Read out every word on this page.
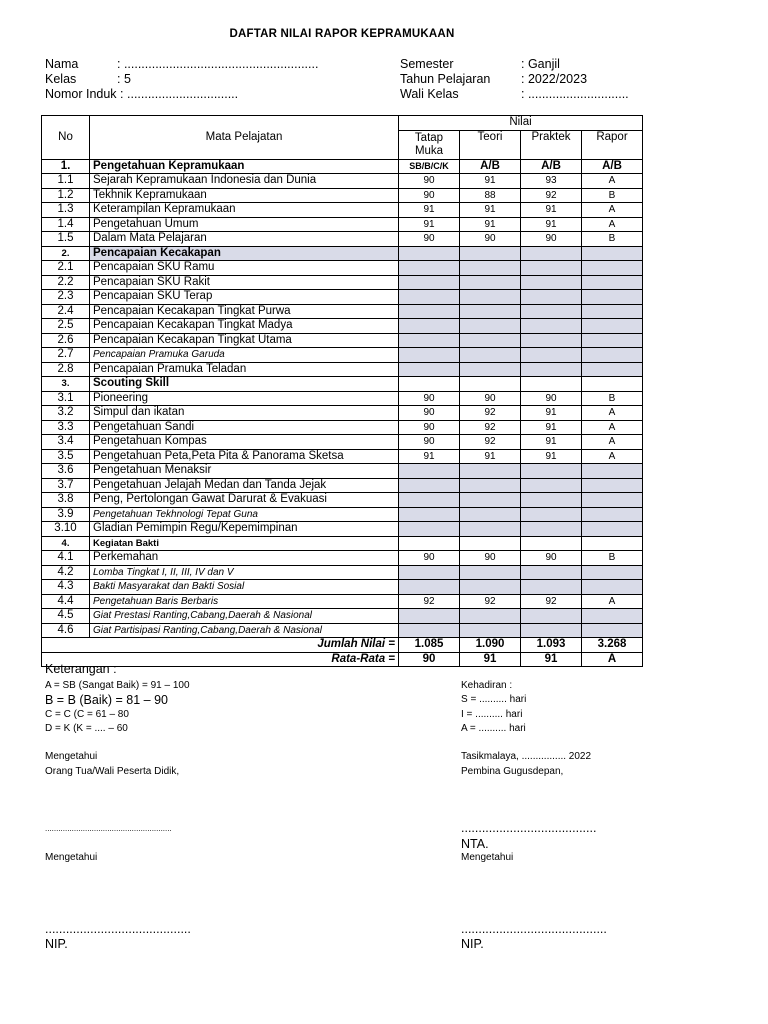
DAFTAR NILAI RAPOR KEPRAMUKAAN
Nama	: ........................................................
Kelas	: 5
Nomor Induk : ................................
Semester	: Ganjil
Tahun Pelajaran : 2022/2023
Wali Kelas	: .............................
No	Mata Pelajatan	Nilai			
		Tatap Muka	Teori	Praktek	Rapor

1.	Pengetahuan Kepramukaan	SB/B/C/K	A/B	A/B	A/B
1.1	Sejarah Kepramukaan Indonesia dan Dunia	90	91	93	A
1.2	Tekhnik Kepramukaan	90	88	92	B
1.3	Keterampilan Kepramukaan	91	91	91	A
1.4	Pengetahuan Umum	91	91	91	A
1.5	Dalam Mata Pelajaran	90	90	90	B
2.	Pencapaian Kecakapan				
2.1	Pencapaian SKU Ramu				
2.2	Pencapaian SKU Rakit				
2.3	Pencapaian SKU Terap				
2.4	Pencapaian Kecakapan Tingkat Purwa				
2.5	Pencapaian Kecakapan Tingkat Madya				
2.6	Pencapaian Kecakapan Tingkat Utama				
2.7	Pencapaian Pramuka Garuda				
2.8	Pencapaian Pramuka Teladan				
3.	Scouting Skill				
3.1	Pioneering	90	90	90	B
3.2	Simpul dan ikatan	90	92	91	A
3.3	Pengetahuan Sandi	90	92	91	A
3.4	Pengetahuan Kompas	90	92	91	A
3.5	Pengetahuan Peta,Peta Pita & Panorama Sketsa	91	91	91	A
3.6	Pengetahuan Menaksir				
3.7	Pengetahuan Jelajah Medan dan Tanda Jejak				
3.8	Peng, Pertolongan Gawat Darurat & Evakuasi				
3.9	Pengetahuan Tekhnologi Tepat Guna				
3.10	Gladian Pemimpin Regu/Kepemimpinan				
4.	Kegiatan Bakti				
4.1	Perkemahan	90	90	90	B
4.2	Lomba Tingkat I, II, III, IV dan V				
4.3	Bakti Masyarakat dan Bakti Sosial				
4.4	Pengetahuan Baris Berbaris	92	92	92	A
4.5	Giat Prestasi Ranting,Cabang,Daerah & Nasional				
4.6	Giat Partisipasi Ranting,Cabang,Daerah & Nasional				
Jumlah Nilai =		1.085	1.090	1.093	3.268
Rata-Rata =		90	91	91	A
Keterangan :
A = SB (Sangat Baik) = 91 – 100
B = B (Baik) = 81 – 90
C = C (C = 61 – 80
D = K (K = .... – 60
Kehadiran :
S = .......... hari
I = .......... hari
A = .......... hari
Mengetahui
Orang Tua/Wali Peserta Didik,
Tasikmalaya, ................ 2022
Pembina Gugusdepan,
.........................................................	.......................................
NTA.
Mengetahui	Mengetahui
..........................................	..........................................
NIP.	NIP.
